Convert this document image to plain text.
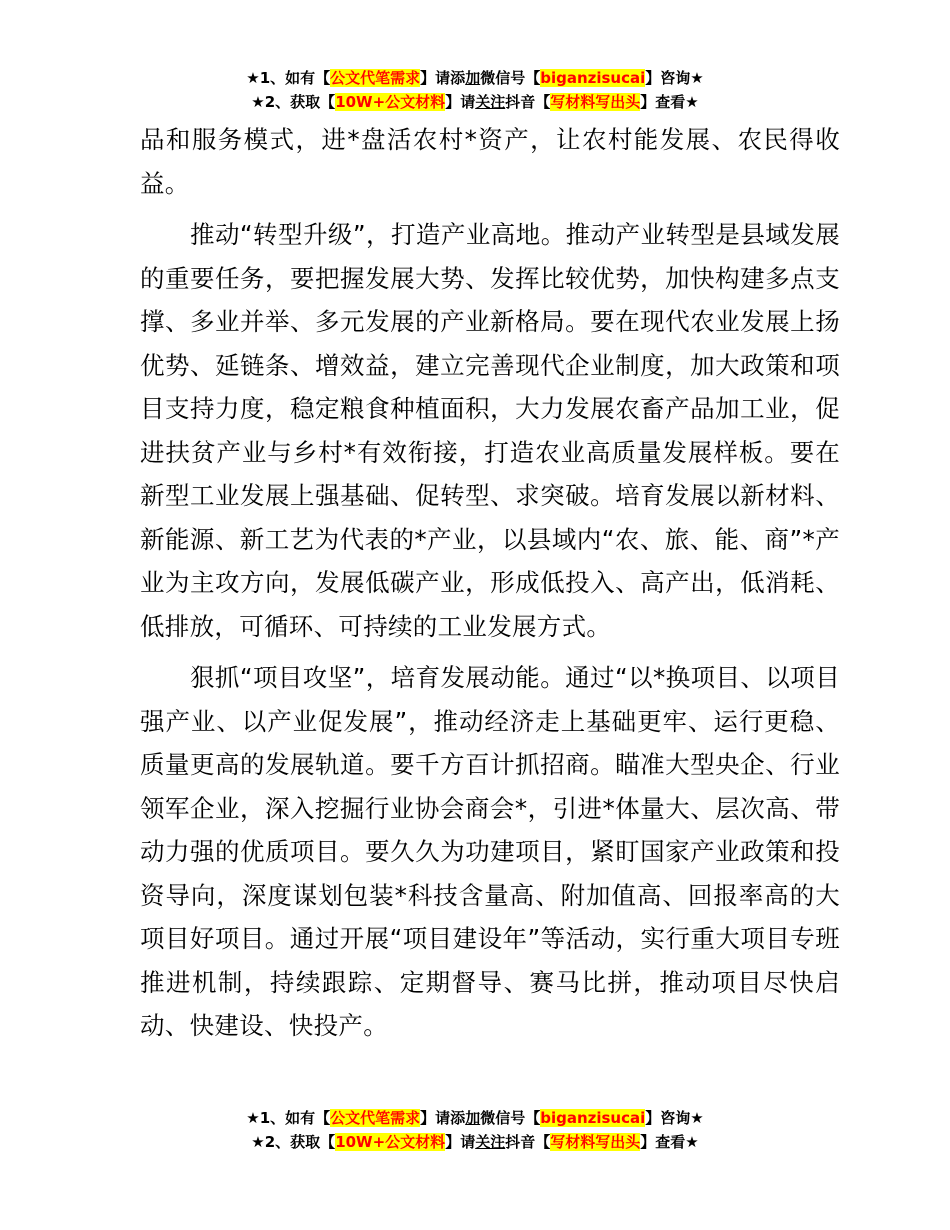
★1、如有【公文代笔需求】请添加微信号【biganzisucai】咨询★
★2、获取【10W+公文材料】请关注抖音【写材料写出头】查看★

品和服务模式，进*盘活农村*资产，让农村能发展、农民得收益。

推动“转型升级”，打造产业高地。推动产业转型是县域发展的重要任务，要把握发展大势、发挥比较优势，加快构建多点支撑、多业并举、多元发展的产业新格局。要在现代农业发展上扬优势、延链条、增效益，建立完善现代企业制度，加大政策和项目支持力度，稳定粮食种植面积，大力发展农畜产品加工业，促进扶贫产业与乡村*有效衔接，打造农业高质量发展样板。要在新型工业发展上强基础、促转型、求突破。培育发展以新材料、新能源、新工艺为代表的*产业，以县域内“农、旅、能、商”*产业为主攻方向，发展低碳产业，形成低投入、高产出，低消耗、低排放，可循环、可持续的工业发展方式。

狠抓“项目攻坚”，培育发展动能。通过“以*换项目、以项目强产业、以产业促发展”，推动经济走上基础更牢、运行更稳、质量更高的发展轨道。要千方百计抓招商。瞄准大型央企、行业领军企业，深入挖掘行业协会商会*，引进*体量大、层次高、带动力强的优质项目。要久久为功建项目，紧盯国家产业政策和投资导向，深度谋划包装*科技含量高、附加值高、回报率高的大项目好项目。通过开展“项目建设年”等活动，实行重大项目专班推进机制，持续跟踪、定期督导、赛马比拼，推动项目尽快启动、快建设、快投产。

★1、如有【公文代笔需求】请添加微信号【biganzisucai】咨询★
★2、获取【10W+公文材料】请关注抖音【写材料写出头】查看★
